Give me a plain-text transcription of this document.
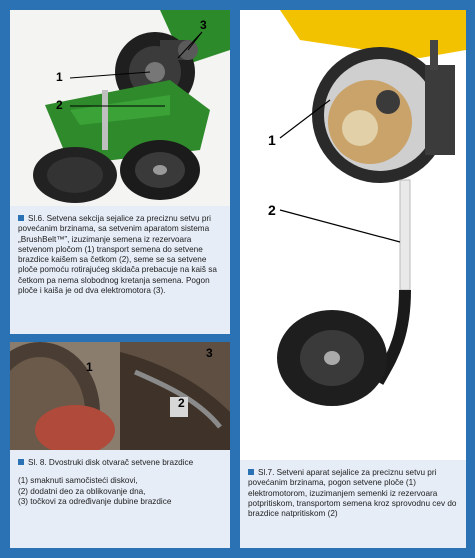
1
2
3
Sl.6. Setvena sekcija sejalice za preciznu setvu pri povećanim brzinama, sa setvenim aparatom sistema „BrushBelt™”, izuzimanje semena iz rezervoara setvenom pločom (1) transport semena do setvene brazdice kaišem sa četkom (2), seme se sa setvene ploče pomoću rotirajućeg skidača prebacuje na kaiš sa četkom pa nema slobodnog kretanja semena. Pogon ploče i kaiša je od dva elektromotora (3).
1
2
Sl.7. Setveni aparat sejalice za preciznu setvu pri povećanim brzinama, pogon setvene ploče (1) elektromotorom, izuzimanjem semenki iz rezervoara potpritiskom, transportom semena kroz sprovodnu cev do brazdice natpritiskom (2)
1
2
3
Sl. 8. Dvostruki disk otvarač setvene brazdice
(1) smaknuti samočisteći diskovi,
(2) dodatni deo za oblikovanje dna,
(3) točkovi za određivanje dubine brazdice
